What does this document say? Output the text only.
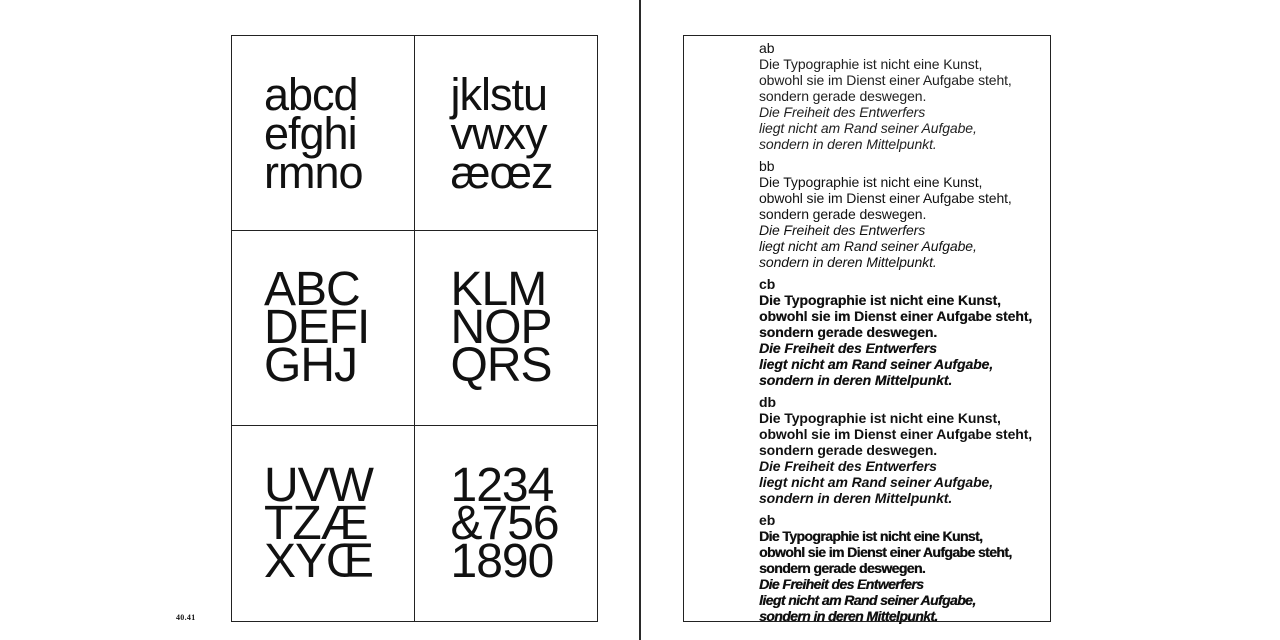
abcd
efghi
rmno
jklstu
vwxy
æœz
ABC
DEFI
GHJ
KLM
NOP
QRS
UVW
TZÆ
XYŒ
1234
&756
1890
40.41
ab
Die Typographie ist nicht eine Kunst,
obwohl sie im Dienst einer Aufgabe steht,
sondern gerade deswegen.
Die Freiheit des Entwerfers
liegt nicht am Rand seiner Aufgabe,
sondern in deren Mittelpunkt.
bb
Die Typographie ist nicht eine Kunst,
obwohl sie im Dienst einer Aufgabe steht,
sondern gerade deswegen.
Die Freiheit des Entwerfers
liegt nicht am Rand seiner Aufgabe,
sondern in deren Mittelpunkt.
cb
Die Typographie ist nicht eine Kunst,
obwohl sie im Dienst einer Aufgabe steht,
sondern gerade deswegen.
Die Freiheit des Entwerfers
liegt nicht am Rand seiner Aufgabe,
sondern in deren Mittelpunkt.
db
Die Typographie ist nicht eine Kunst,
obwohl sie im Dienst einer Aufgabe steht,
sondern gerade deswegen.
Die Freiheit des Entwerfers
liegt nicht am Rand seiner Aufgabe,
sondern in deren Mittelpunkt.
eb
Die Typographie ist nicht eine Kunst,
obwohl sie im Dienst einer Aufgabe steht,
sondern gerade deswegen.
Die Freiheit des Entwerfers
liegt nicht am Rand seiner Aufgabe,
sondern in deren Mittelpunkt.
